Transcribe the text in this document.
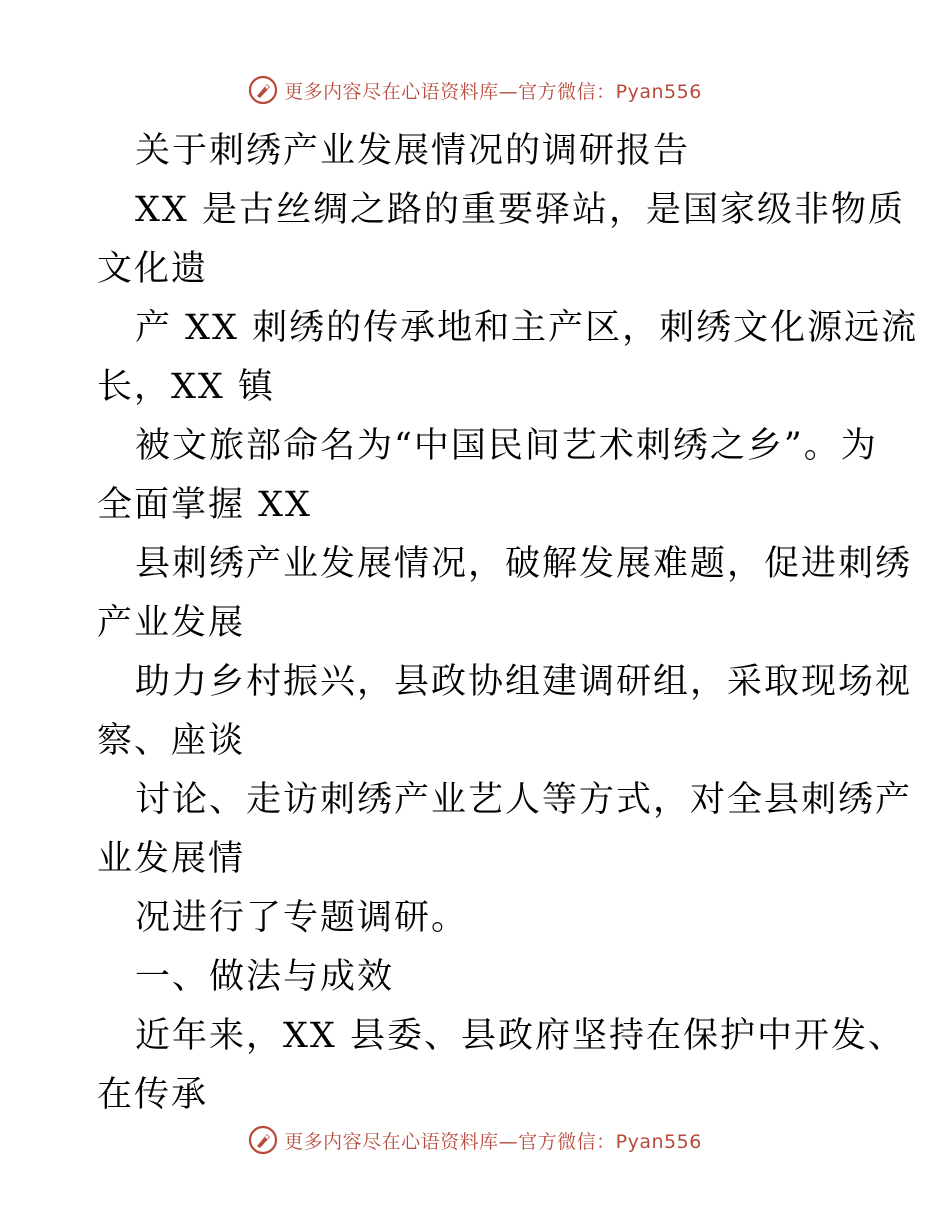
更多内容尽在心语资料库—官方微信：Pyan556
关于刺绣产业发展情况的调研报告
XX 是古丝绸之路的重要驿站，是国家级非物质
文化遗
产 XX 刺绣的传承地和主产区，刺绣文化源远流
长，XX 镇
被文旅部命名为“中国民间艺术刺绣之乡”。为
全面掌握 XX
县刺绣产业发展情况，破解发展难题，促进刺绣
产业发展
助力乡村振兴，县政协组建调研组，采取现场视
察、座谈
讨论、走访刺绣产业艺人等方式，对全县刺绣产
业发展情
况进行了专题调研。
一、做法与成效
近年来，XX 县委、县政府坚持在保护中开发、
在传承
更多内容尽在心语资料库—官方微信：Pyan556
